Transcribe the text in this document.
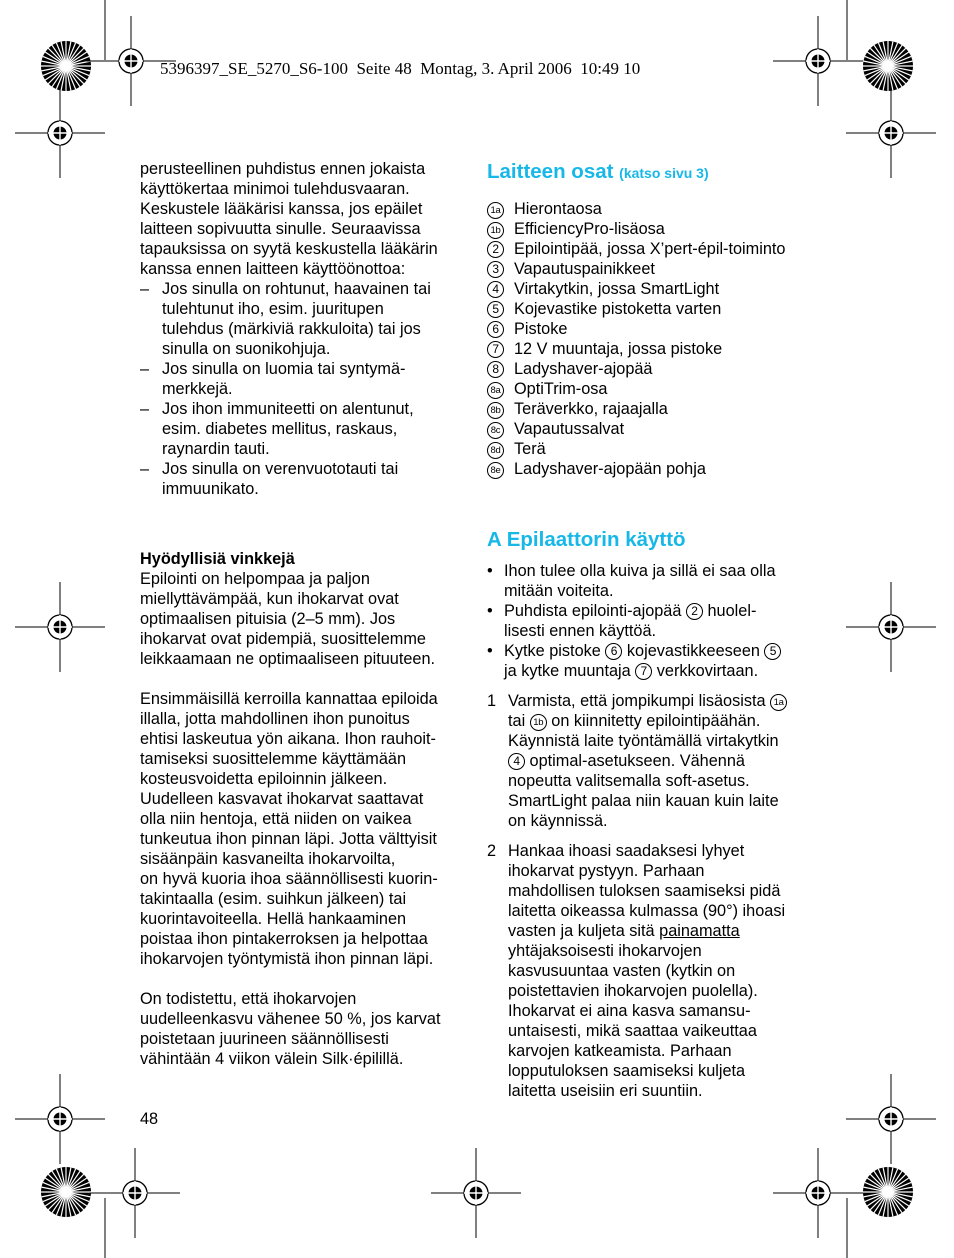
5396397_SE_5270_S6-100  Seite 48  Montag, 3. April 2006  10:49 10

perusteellinen puhdistus ennen jokaista
käyttökertaa minimoi tulehdusvaaran.
Keskustele lääkärisi kanssa, jos epäilet
laitteen sopivuutta sinulle. Seuraavissa
tapauksissa on syytä keskustella lääkärin
kanssa ennen laitteen käyttöönottoa:

– Jos sinulla on rohtunut, haavainen tai
tulehtunut iho, esim. juuritupen
tulehdus (märkiviä rakkuloita) tai jos
sinulla on suonikohjuja.
– Jos sinulla on luomia tai syntymä-
merkkejä.
– Jos ihon immuniteetti on alentunut,
esim. diabetes mellitus, raskaus,
raynardin tauti.
– Jos sinulla on verenvuototauti tai
immuunikato.
Hyödyllisiä vinkkejä

Epilointi on helpompaa ja paljon
miellyttävämpää, kun ihokarvat ovat
optimaalisen pituisia (2–5 mm). Jos
ihokarvat ovat pidempiä, suosittelemme
leikkaamaan ne optimaaliseen pituuteen.

Ensimmäisillä kerroilla kannattaa epiloida
illalla, jotta mahdollinen ihon punoitus
ehtisi laskeutua yön aikana. Ihon rauhoit-
tamiseksi suosittelemme käyttämään
kosteusvoidetta epiloinnin jälkeen.
Uudelleen kasvavat ihokarvat saattavat
olla niin hentoja, että niiden on vaikea
tunkeutua ihon pinnan läpi. Jotta välttyisit
sisäänpäin kasvaneilta ihokarvoilta,
on hyvä kuoria ihoa säännöllisesti kuorin-
takintaalla (esim. suihkun jälkeen) tai
kuorintavoiteella. Hellä hankaaminen
poistaa ihon pintakerroksen ja helpottaa
ihokarvojen työntymistä ihon pinnan läpi.

On todistettu, että ihokarvojen
uudelleenkasvu vähenee 50 %, jos karvat
poistetaan juurineen säännöllisesti
vähintään 4 viikon välein Silk·épilillä.

Laitteen osat (katso sivu 3)
1a Hierontaosa
1b EfficiencyPro-lisäosa
2 Epilointipää, jossa X’pert-épil-toiminto
3 Vapautuspainikkeet
4 Virtakytkin, jossa SmartLight
5 Kojevastike pistoketta varten
6 Pistoke
7 12 V muuntaja, jossa pistoke
8 Ladyshaver-ajopää
8a OptiTrim-osa
8b Teräverkko, rajaajalla
8c Vapautussalvat
8d Terä
8e Ladyshaver-ajopään pohja
A Epilaattorin käyttö
• Ihon tulee olla kuiva ja sillä ei saa olla
mitään voiteita.
• Puhdista epilointi-ajopää 2 huolel-
lisesti ennen käyttöä.
• Kytke pistoke 6 kojevastikkeeseen 5
ja kytke muuntaja 7 verkkovirtaan.
1 Varmista, että jompikumpi lisäosista 1a
tai 1b on kiinnitetty epilointipäähän.
Käynnistä laite työntämällä virtakytkin
4 optimal-asetukseen. Vähennä
nopeutta valitsemalla soft-asetus.
SmartLight palaa niin kauan kuin laite
on käynnissä.
2 Hankaa ihoasi saadaksesi lyhyet
ihokarvat pystyyn. Parhaan
mahdollisen tuloksen saamiseksi pidä
laitetta oikeassa kulmassa (90°) ihoasi
vasten ja kuljeta sitä painamatta
yhtäjaksoisesti ihokarvojen
kasvusuuntaa vasten (kytkin on
poistettavien ihokarvojen puolella).
Ihokarvat ei aina kasva samansu-
untaisesti, mikä saattaa vaikeuttaa
karvojen katkeamista. Parhaan
lopputuloksen saamiseksi kuljeta
laitetta useisiin eri suuntiin.
48
